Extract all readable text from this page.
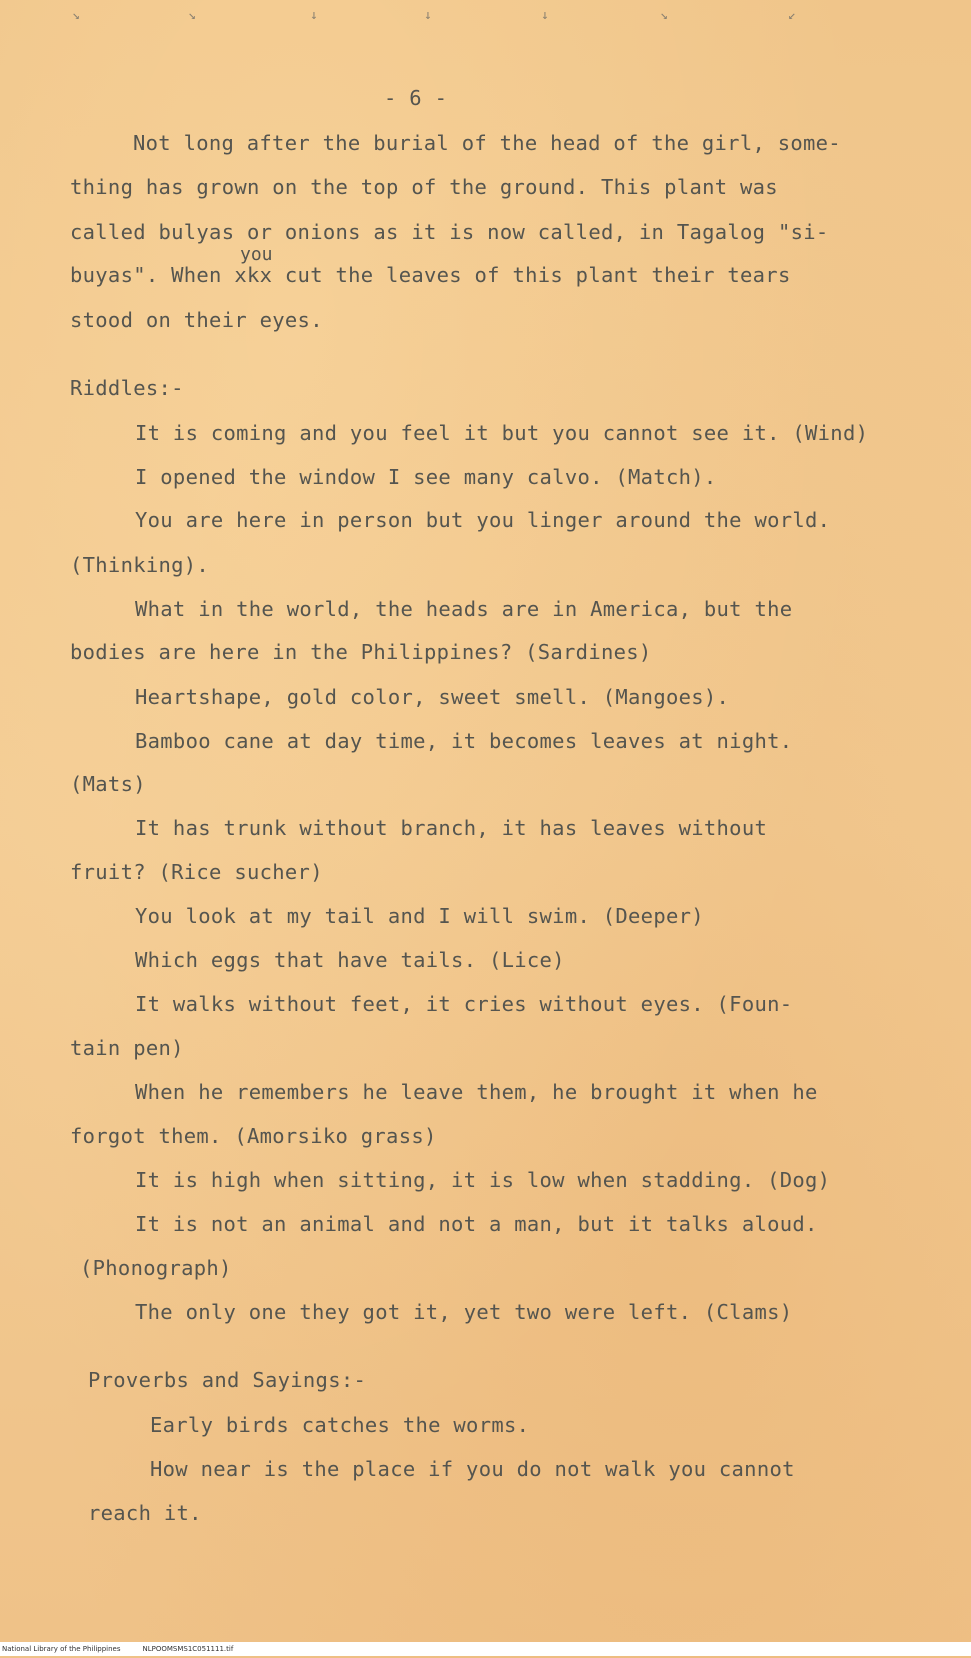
↘	↘	↓	↓	↓	↘	↙
- 6 -
Not long after the burial of the head of the girl, some-
thing has grown on the top of the ground. This plant was
called bulyas or onions as it is now called, in Tagalog "si-
you
buyas". When xkx cut the leaves of this plant their tears
stood on their eyes.
Riddles:-
It is coming and you feel it but you cannot see it. (Wind)
I opened the window I see many calvo. (Match).
You are here in person but you linger around the world.
(Thinking).
What in the world, the heads are in America, but the
bodies are here in the Philippines? (Sardines)
Heartshape, gold color, sweet smell. (Mangoes).
Bamboo cane at day time, it becomes leaves at night.
(Mats)
It has trunk without branch, it has leaves without
fruit? (Rice sucher)
You look at my tail and I will swim. (Deeper)
Which eggs that have tails. (Lice)
It walks without feet, it cries without eyes. (Foun-
tain pen)
When he remembers he leave them, he brought it when he
forgot them. (Amorsiko grass)
It is high when sitting, it is low when stadding. (Dog)
It is not an animal and not a man, but it talks aloud.
(Phonograph)
The only one they got it, yet two were left. (Clams)
Proverbs and Sayings:-
Early birds catches the worms.
How near is the place if you do not walk you cannot
reach it.
National Library of the Philippines	NLPOOMSMS1C051111.tif
